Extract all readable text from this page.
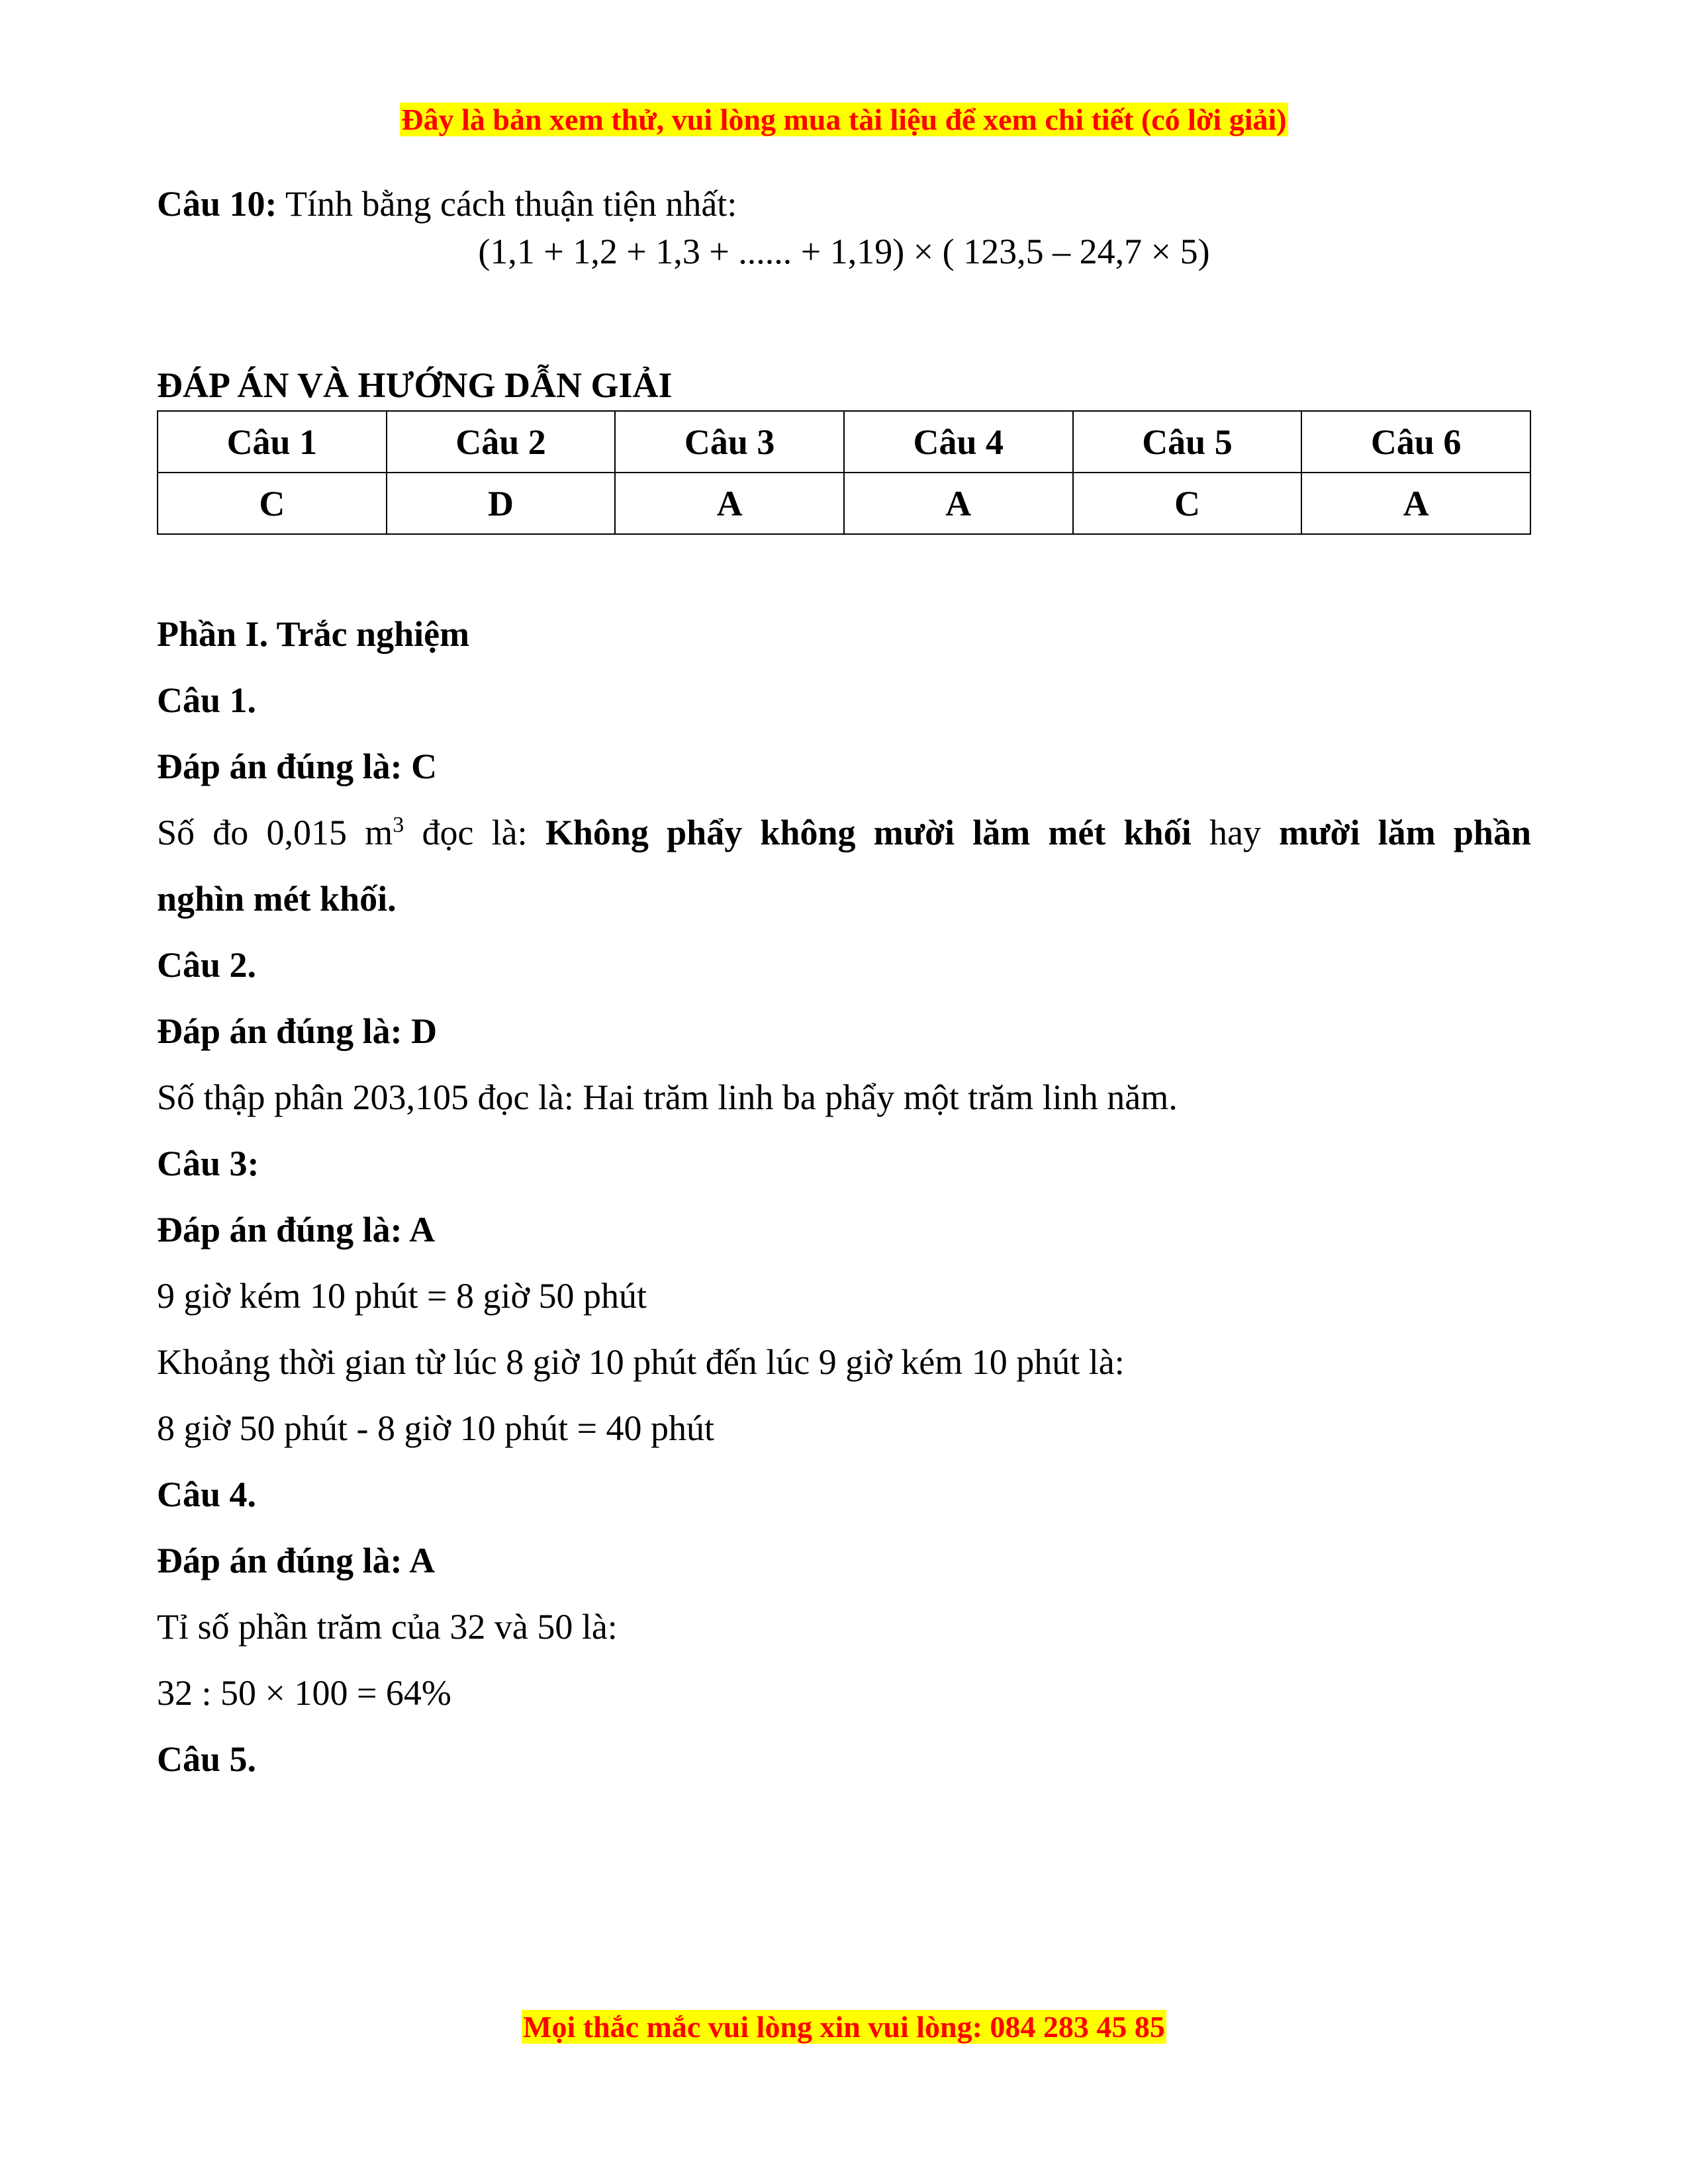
Đây là bản xem thử, vui lòng mua tài liệu để xem chi tiết (có lời giải)
Câu 10: Tính bằng cách thuận tiện nhất:
(1,1 + 1,2 + 1,3 + ...... + 1,19) × ( 123,5 – 24,7 × 5)
ĐÁP ÁN VÀ HƯỚNG DẪN GIẢI
Câu 1	Câu 2	Câu 3	Câu 4	Câu 5	Câu 6
C	D	A	A	C	A
Phần I. Trắc nghiệm
Câu 1.
Đáp án đúng là: C
Số đo 0,015 $m^3$ đọc là: Không phẩy không mười lăm mét khối hay mười lăm phần
nghìn mét khối.
Câu 2.
Đáp án đúng là: D
Số thập phân 203,105 đọc là: Hai trăm linh ba phẩy một trăm linh năm.
Câu 3:
Đáp án đúng là: A
9 giờ kém 10 phút = 8 giờ 50 phút
Khoảng thời gian từ lúc 8 giờ 10 phút đến lúc 9 giờ kém 10 phút là:
8 giờ 50 phút - 8 giờ 10 phút = 40 phút
Câu 4.
Đáp án đúng là: A
Tỉ số phần trăm của 32 và 50 là:
32 : 50 × 100 = 64%
Câu 5.
Mọi thắc mắc vui lòng xin vui lòng: 084 283 45 85
